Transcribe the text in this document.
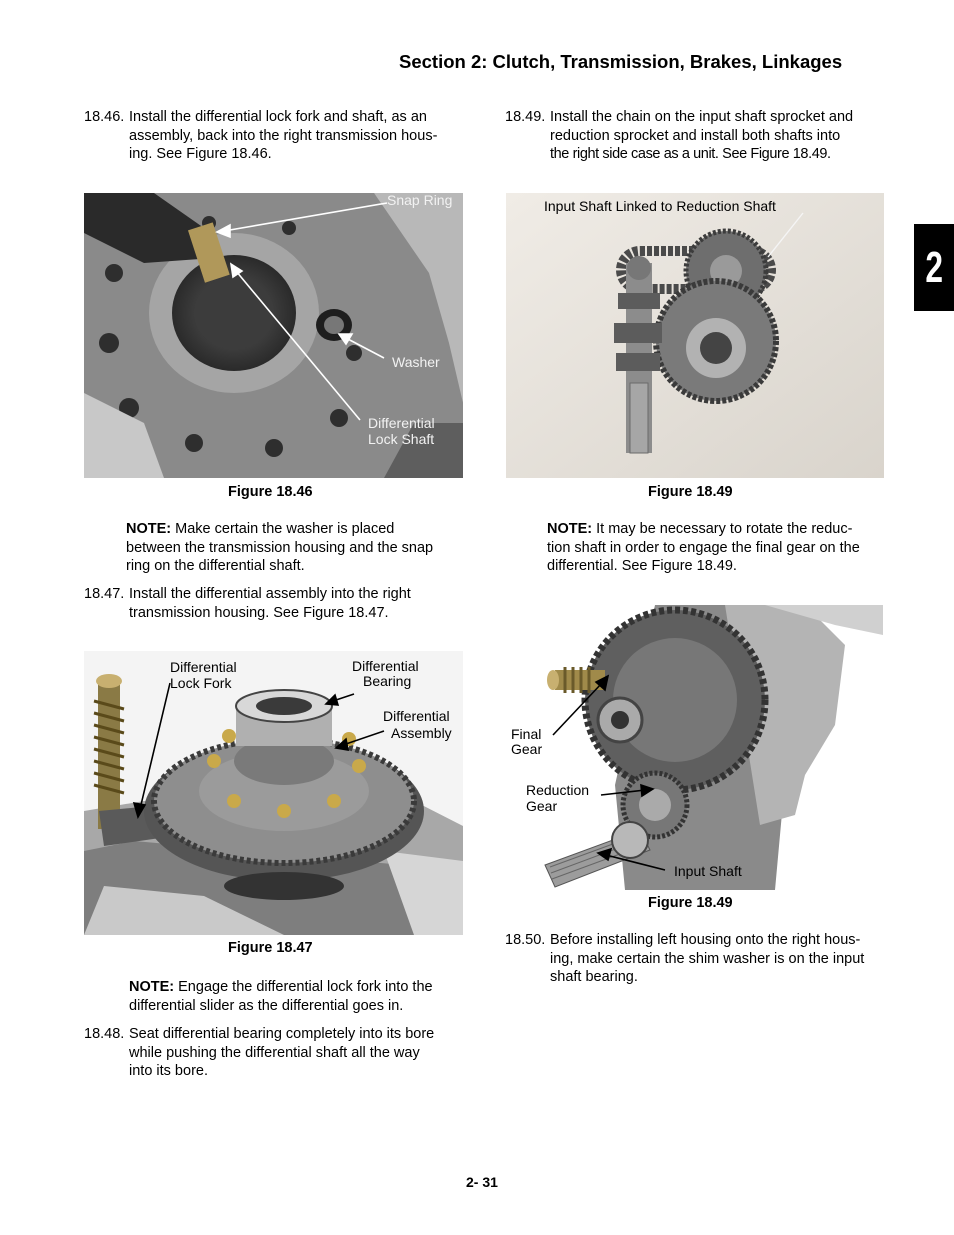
Section 2: Clutch, Transmission, Brakes, Linkages
2
18.46. Install the differential lock fork and shaft, as an
assembly, back into the right transmission hous-
ing. See Figure 18.46.
Snap Ring
Washer
Differential
Lock Shaft
Figure 18.46
NOTE: Make certain the washer is placed
between the transmission housing and the snap
ring on the differential shaft.
18.47. Install the differential assembly into the right
transmission housing. See Figure 18.47.
Differential
Lock Fork
Differential
Bearing
Differential
Assembly
Figure 18.47
NOTE: Engage the differential lock fork into the
differential slider as the differential goes in.
18.48. Seat differential bearing completely into its bore
while pushing the differential shaft all the way
into its bore.
18.49. Install the chain on the input shaft sprocket and
reduction sprocket and install both shafts into
the right side case as a unit. See Figure 18.49.
Input Shaft Linked to Reduction Shaft
Figure 18.49
NOTE: It may be necessary to rotate the reduc-
tion shaft in order to engage the final gear on the
differential. See Figure 18.49.
Final
Gear
Reduction
Gear
Input Shaft
Figure 18.49
18.50. Before installing left housing onto the right hous-
ing, make certain the shim washer is on the input
shaft bearing.
2- 31
